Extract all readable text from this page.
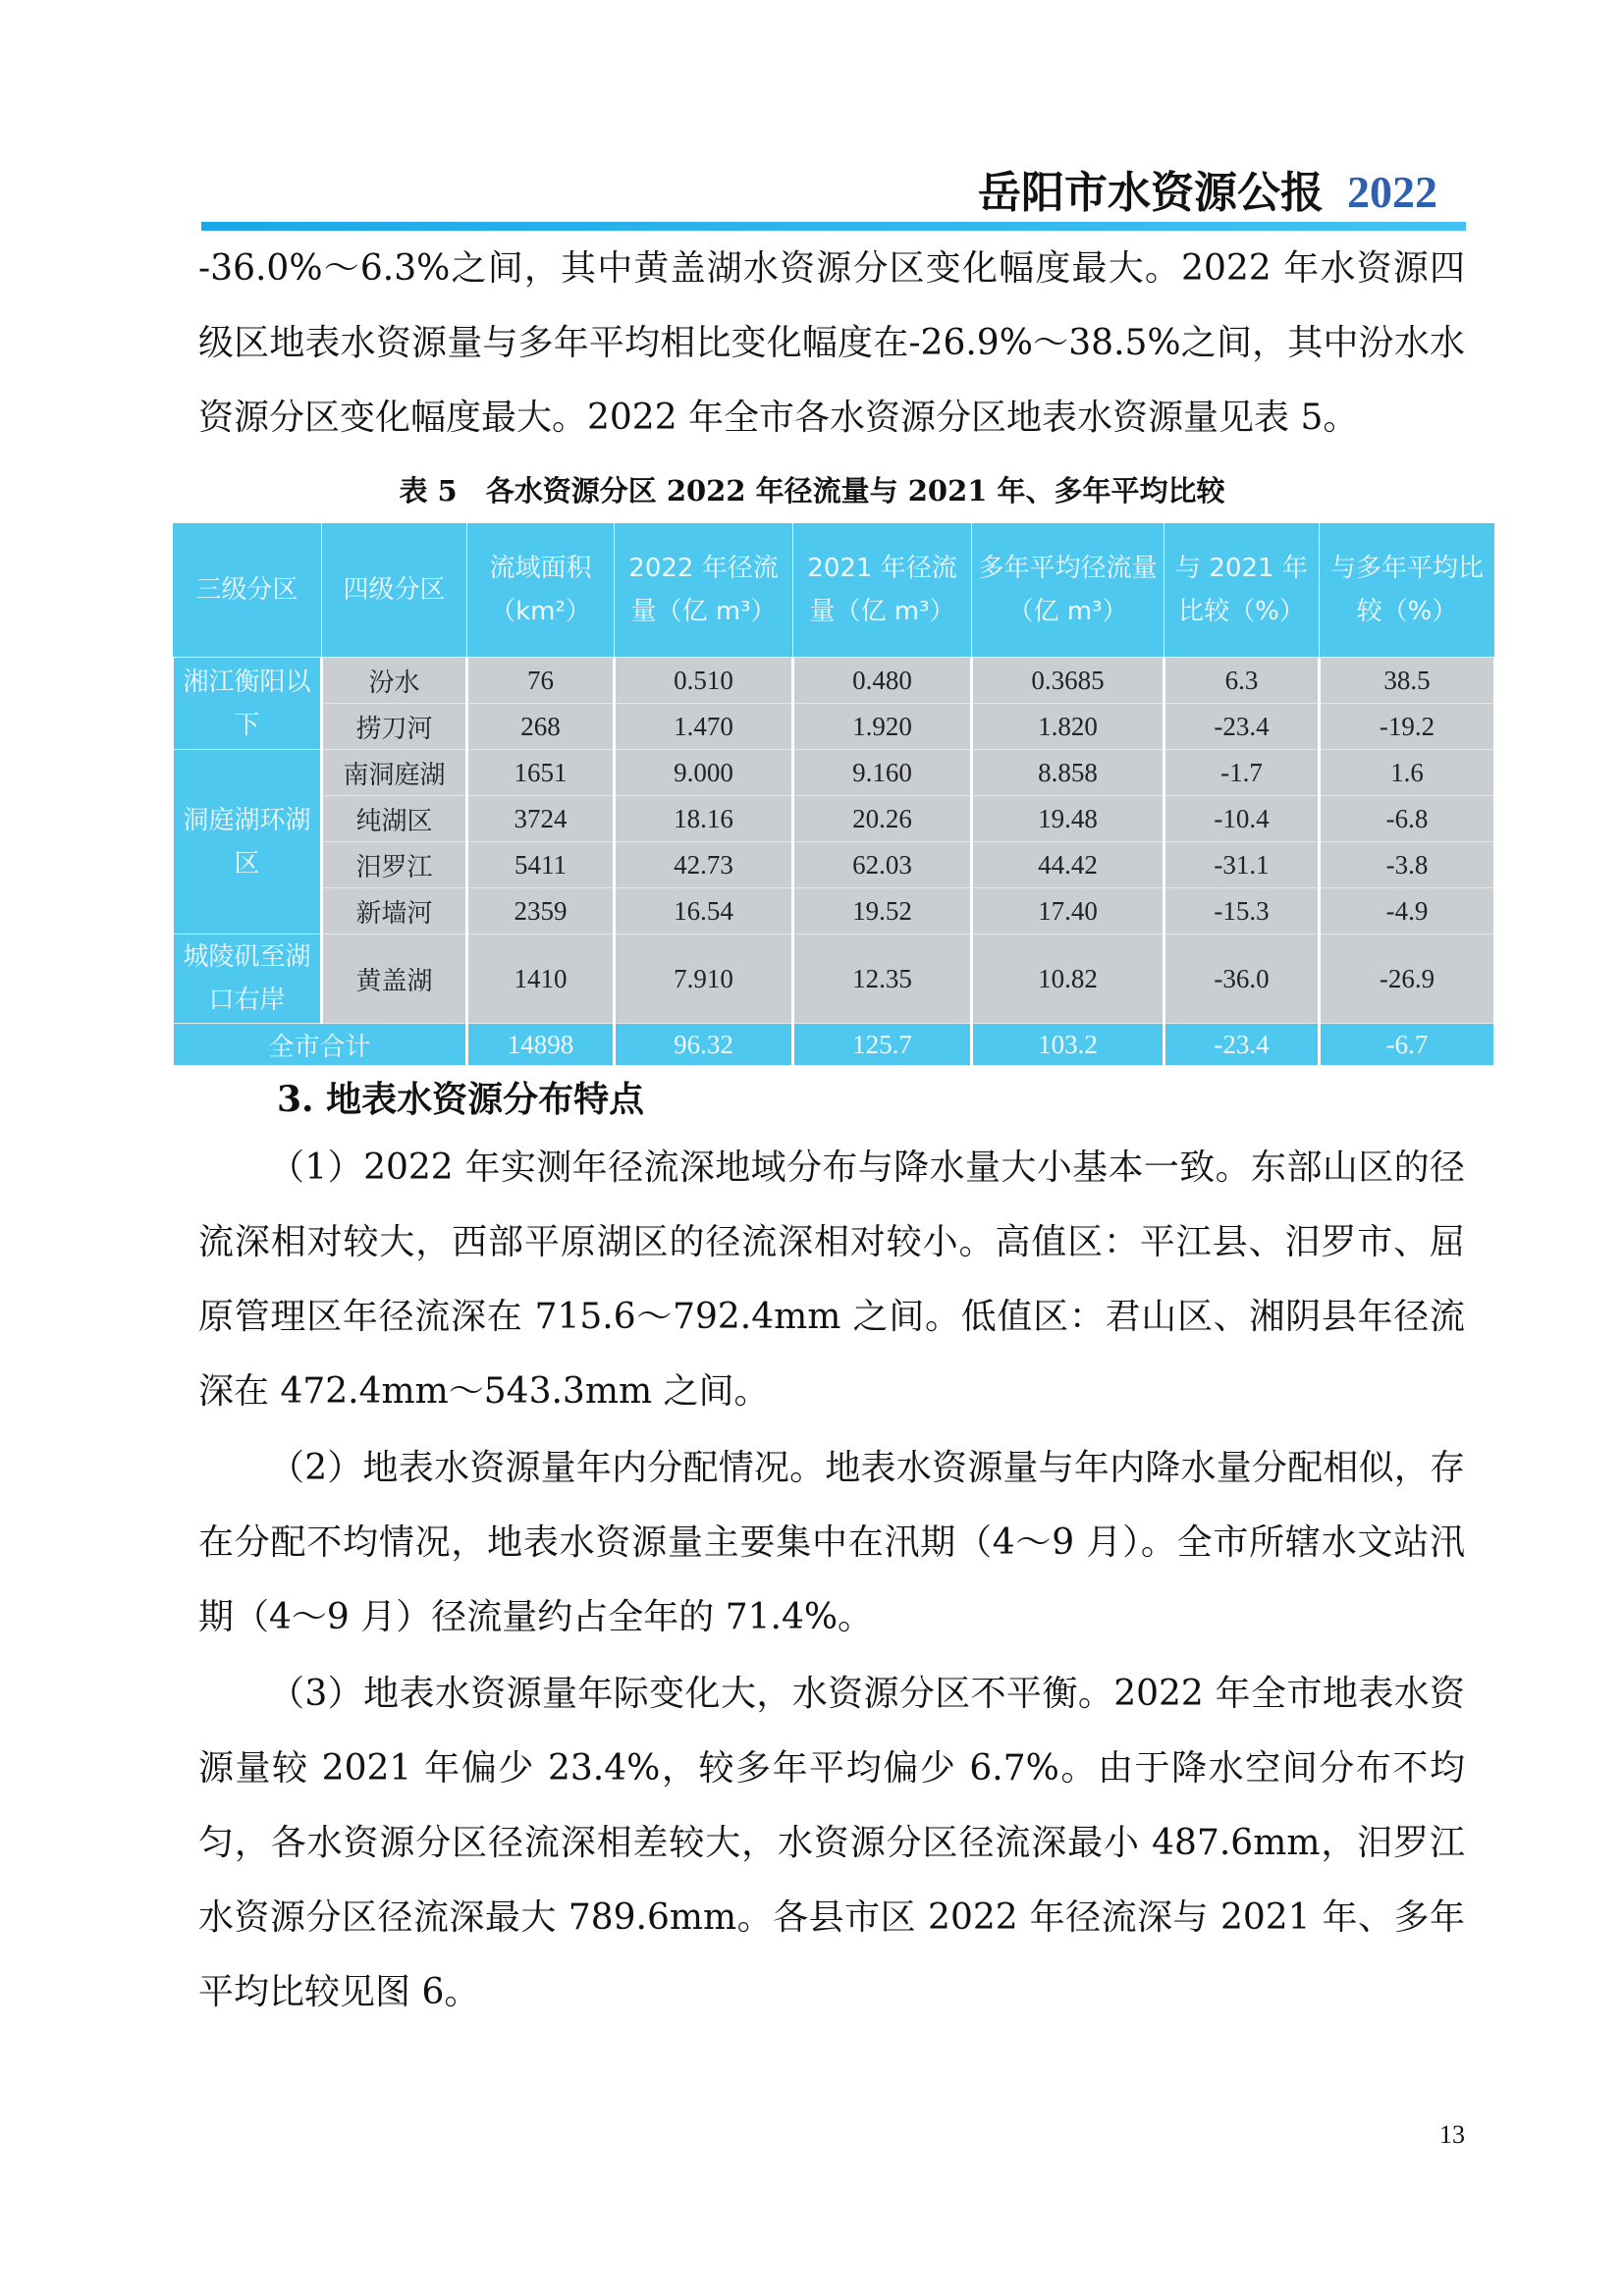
岳阳市水资源公报 2022

-36.0%～6.3%之间，其中黄盖湖水资源分区变化幅度最大。2022 年水资源四级区地表水资源量与多年平均相比变化幅度在-26.9%～38.5%之间，其中汾水水资源分区变化幅度最大。2022 年全市各水资源分区地表水资源量见表 5。

表 5　各水资源分区 2022 年径流量与 2021 年、多年平均比较
三级分区	四级分区	流域面积（km²）	2022 年径流量（亿 m³）	2021 年径流量（亿 m³）	多年平均径流量（亿 m³）	与 2021 年比较（%）	与多年平均比较（%）
湘江衡阳以下	汾水	76	0.510	0.480	0.3685	6.3	38.5
	捞刀河	268	1.470	1.920	1.820	-23.4	-19.2
洞庭湖环湖区	南洞庭湖	1651	9.000	9.160	8.858	-1.7	1.6
	纯湖区	3724	18.16	20.26	19.48	-10.4	-6.8
	汨罗江	5411	42.73	62.03	44.42	-31.1	-3.8
	新墙河	2359	16.54	19.52	17.40	-15.3	-4.9
城陵矶至湖口右岸	黄盖湖	1410	7.910	12.35	10.82	-36.0	-26.9
全市合计		14898	96.32	125.7	103.2	-23.4	-6.7
3. 地表水资源分布特点

（1）2022 年实测年径流深地域分布与降水量大小基本一致。东部山区的径流深相对较大，西部平原湖区的径流深相对较小。高值区：平江县、汨罗市、屈原管理区年径流深在 715.6～792.4mm 之间。低值区：君山区、湘阴县年径流深在 472.4mm～543.3mm 之间。

（2）地表水资源量年内分配情况。地表水资源量与年内降水量分配相似，存在分配不均情况，地表水资源量主要集中在汛期（4～9 月）。全市所辖水文站汛期（4～9 月）径流量约占全年的 71.4%。

（3）地表水资源量年际变化大，水资源分区不平衡。2022 年全市地表水资源量较 2021 年偏少 23.4%，较多年平均偏少 6.7%。由于降水空间分布不均匀，各水资源分区径流深相差较大，水资源分区径流深最小 487.6mm，汨罗江水资源分区径流深最大 789.6mm。各县市区 2022 年径流深与 2021 年、多年平均比较见图 6。

13
